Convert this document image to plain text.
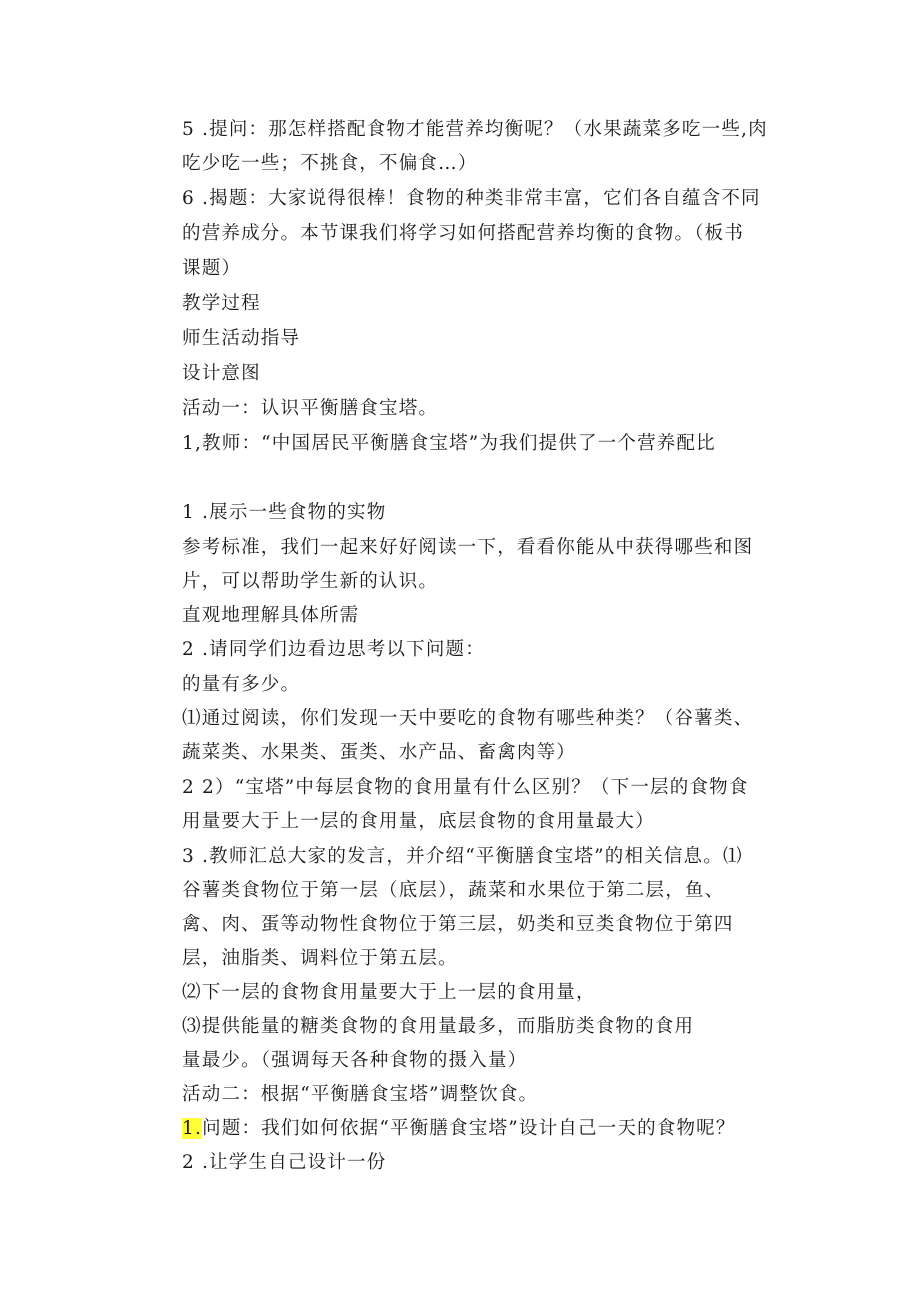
5 .提问：那怎样搭配食物才能营养均衡呢？（水果蔬菜多吃一些,肉
吃少吃一些；不挑食，不偏食…）
6 .揭题：大家说得很棒！食物的种类非常丰富，它们各自蕴含不同
的营养成分。本节课我们将学习如何搭配营养均衡的食物。（板书
课题）
教学过程
师生活动指导
设计意图
活动一：认识平衡膳食宝塔。
1,教师：“中国居民平衡膳食宝塔”为我们提供了一个营养配比
1 .展示一些食物的实物
参考标准，我们一起来好好阅读一下，看看你能从中获得哪些和图
片，可以帮助学生新的认识。
直观地理解具体所需
2 .请同学们边看边思考以下问题：
的量有多少。
⑴通过阅读，你们发现一天中要吃的食物有哪些种类？（谷薯类、
蔬菜类、水果类、蛋类、水产品、畜禽肉等）
2 2）“宝塔”中每层食物的食用量有什么区别？（下一层的食物食
用量要大于上一层的食用量，底层食物的食用量最大）
3 .教师汇总大家的发言，并介绍“平衡膳食宝塔”的相关信息。⑴
谷薯类食物位于第一层（底层），蔬菜和水果位于第二层，鱼、
禽、肉、蛋等动物性食物位于第三层，奶类和豆类食物位于第四
层，油脂类、调料位于第五层。
⑵下一层的食物食用量要大于上一层的食用量，
⑶提供能量的糖类食物的食用量最多，而脂肪类食物的食用
量最少。（强调每天各种食物的摄入量）
活动二：根据“平衡膳食宝塔”调整饮食。
1.问题：我们如何依据“平衡膳食宝塔”设计自己一天的食物呢？
2 .让学生自己设计一份
